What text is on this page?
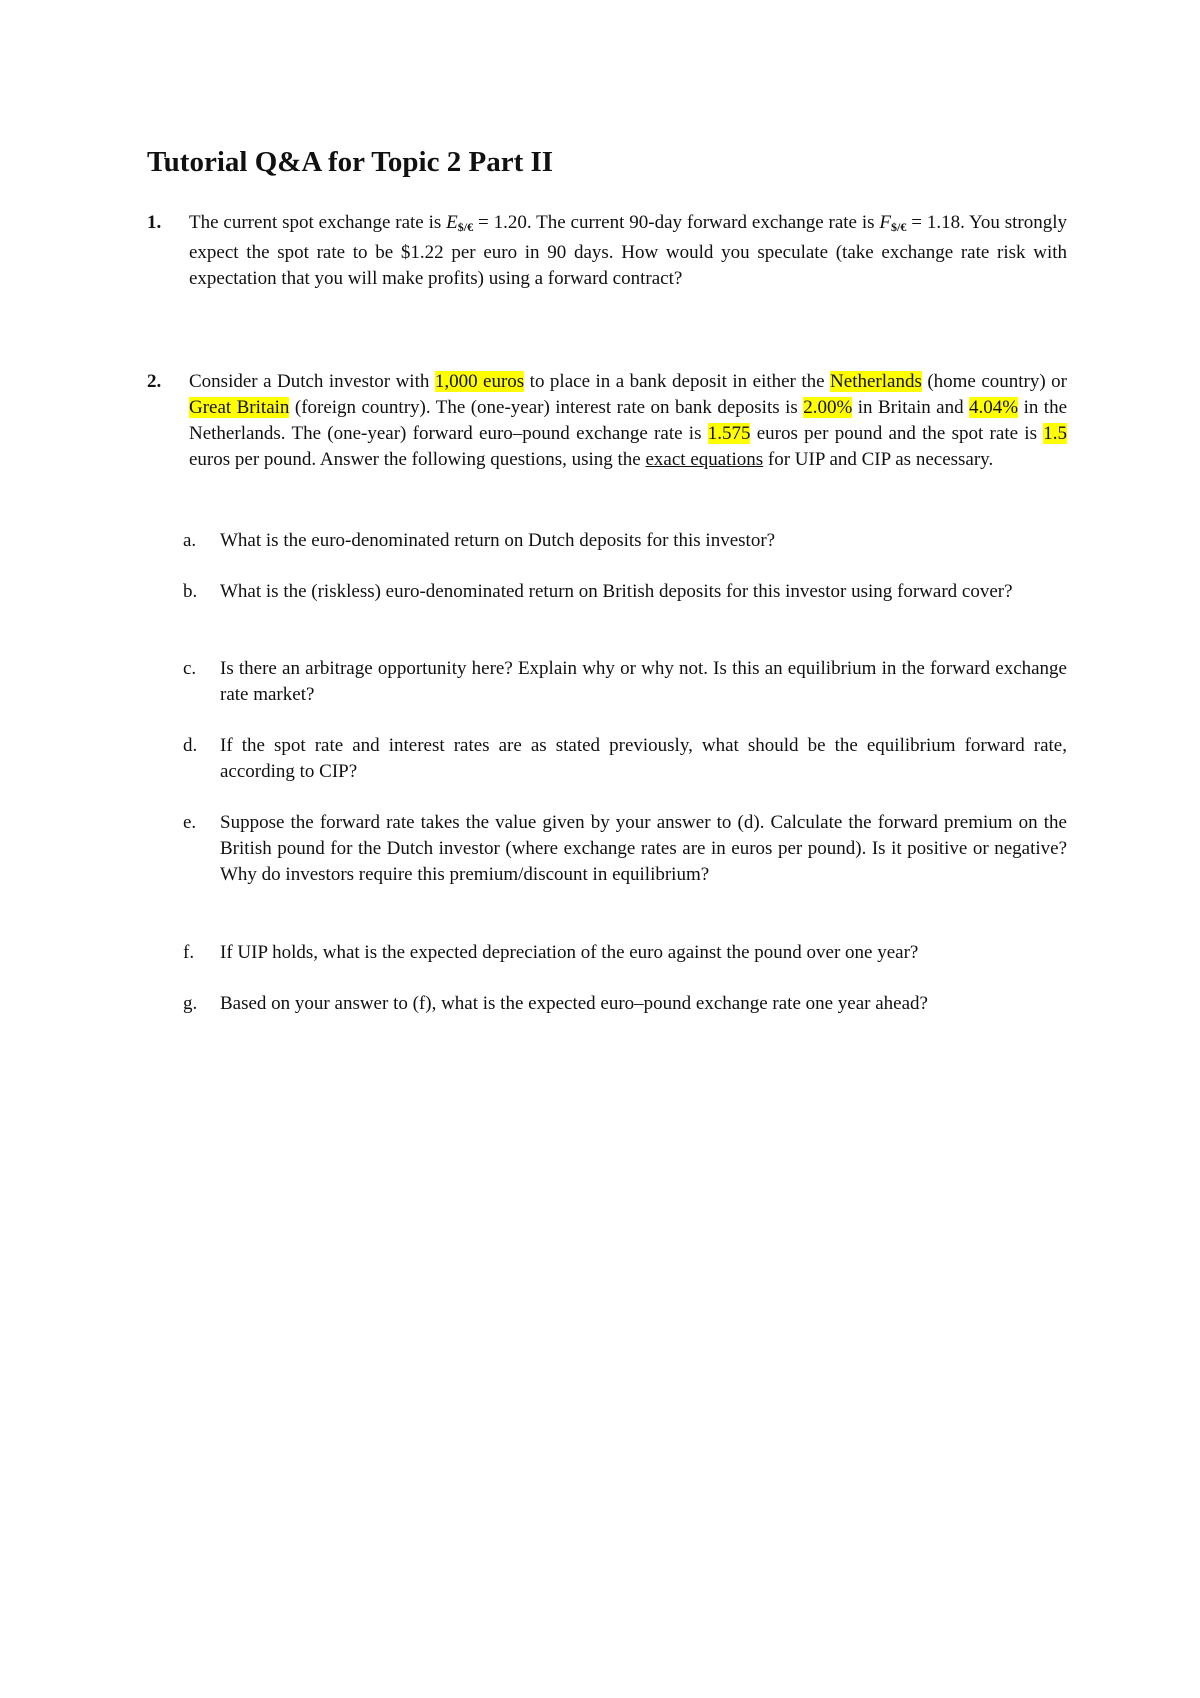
Tutorial Q&A for Topic 2 Part II
1. The current spot exchange rate is E$/€ = 1.20. The current 90-day forward exchange rate is F$/€ = 1.18. You strongly expect the spot rate to be $1.22 per euro in 90 days. How would you speculate (take exchange rate risk with expectation that you will make profits) using a forward contract?
2. Consider a Dutch investor with 1,000 euros to place in a bank deposit in either the Netherlands (home country) or Great Britain (foreign country). The (one-year) interest rate on bank deposits is 2.00% in Britain and 4.04% in the Netherlands. The (one-year) forward euro–pound exchange rate is 1.575 euros per pound and the spot rate is 1.5 euros per pound. Answer the following questions, using the exact equations for UIP and CIP as necessary.
a. What is the euro-denominated return on Dutch deposits for this investor?
b. What is the (riskless) euro-denominated return on British deposits for this investor using forward cover?
c. Is there an arbitrage opportunity here? Explain why or why not. Is this an equilibrium in the forward exchange rate market?
d. If the spot rate and interest rates are as stated previously, what should be the equilibrium forward rate, according to CIP?
e. Suppose the forward rate takes the value given by your answer to (d). Calculate the forward premium on the British pound for the Dutch investor (where exchange rates are in euros per pound). Is it positive or negative? Why do investors require this premium/discount in equilibrium?
f. If UIP holds, what is the expected depreciation of the euro against the pound over one year?
g. Based on your answer to (f), what is the expected euro–pound exchange rate one year ahead?
